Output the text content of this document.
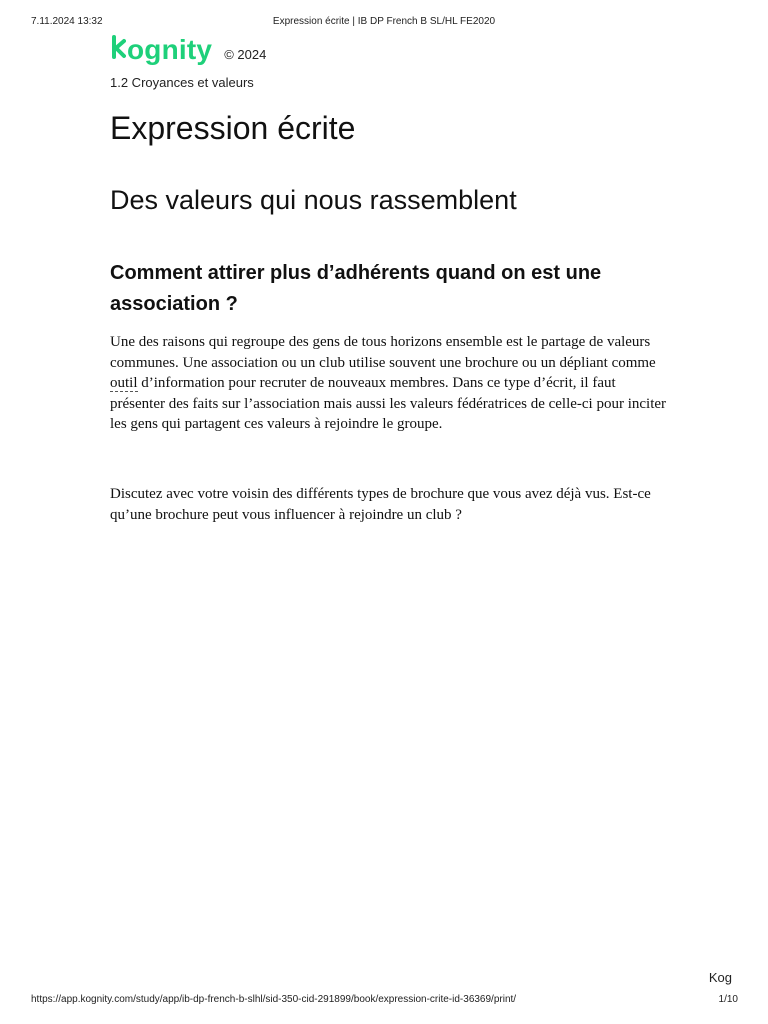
7.11.2024 13:32	Expression écrite | IB DP French B SL/HL FE2020
ognity © 2024
1.2 Croyances et valeurs
Expression écrite
Des valeurs qui nous rassemblent
Comment attirer plus d’adhérents quand on est une association ?

Une des raisons qui regroupe des gens de tous horizons ensemble est le partage de valeurs communes. Une association ou un club utilise souvent une brochure ou un dépliant comme outil d’information pour recruter de nouveaux membres. Dans ce type d’écrit, il faut présenter des faits sur l’association mais aussi les valeurs fédératrices de celle-ci pour inciter les gens qui partagent ces valeurs à rejoindre le groupe.

Discutez avec votre voisin des différents types de brochure que vous avez déjà vus. Est-ce qu’une brochure peut vous influencer à rejoindre un club ?

Kog
https://app.kognity.com/study/app/ib-dp-french-b-slhl/sid-350-cid-291899/book/expression-crite-id-36369/print/	1/10
